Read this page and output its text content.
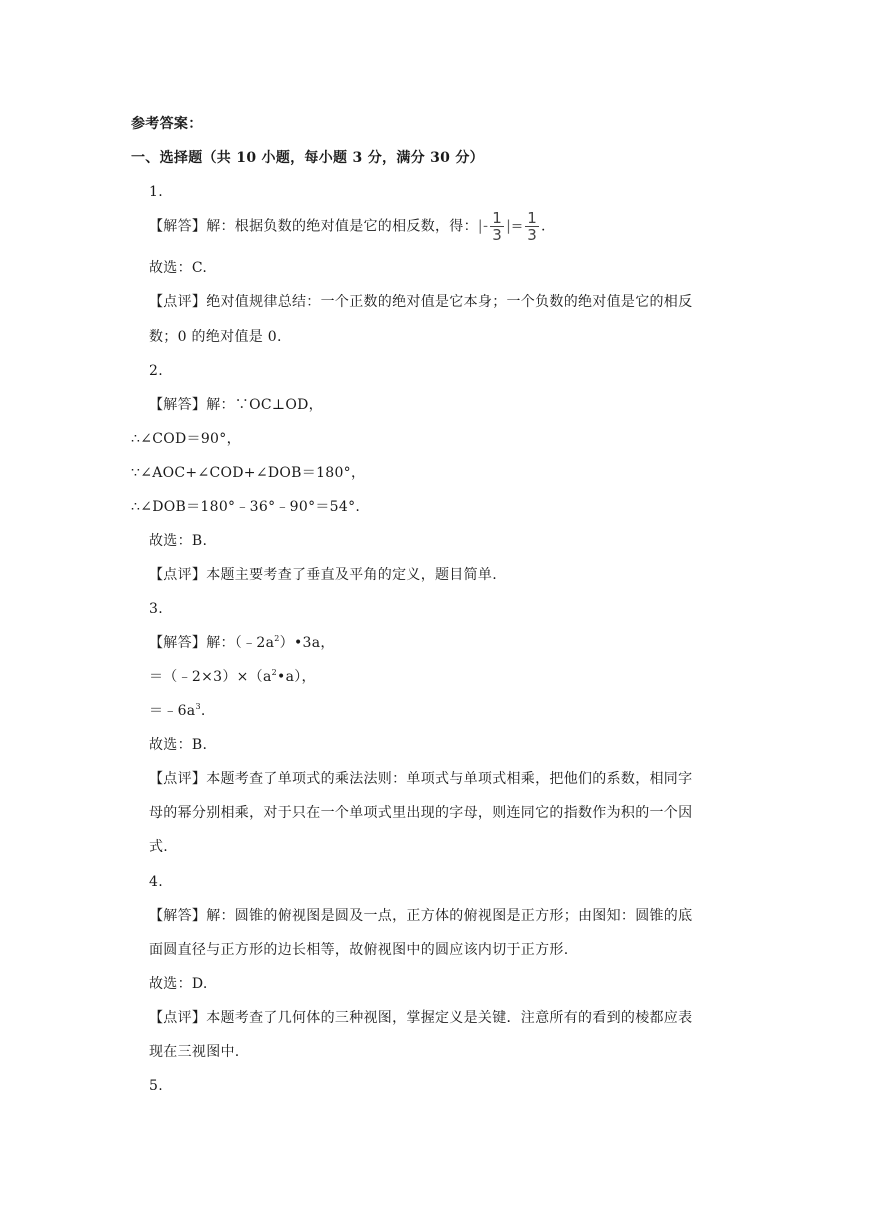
参考答案：
一、选择题（共 10 小题，每小题 3 分，满分 30 分）
1.
【解答】解：根据负数的绝对值是它的相反数，得：|- $\frac{1}{3}$ |= $\frac{1}{3}$ .
故选：C.
【点评】绝对值规律总结：一个正数的绝对值是它本身；一个负数的绝对值是它的相反
数；0 的绝对值是 0.
2.
【解答】解：∵OC⊥OD，
∴∠COD＝90°，
∵∠AOC+∠COD+∠DOB＝180°，
∴∠DOB＝180°﹣36°﹣90°＝54°.
故选：B.
【点评】本题主要考查了垂直及平角的定义，题目简单.
3.
【解答】解：$(﹣2a^2)•3a$，
$=(﹣2\times 3)\times(a^2•a)$，
$=﹣6a^3$.
故选：B.
【点评】本题考查了单项式的乘法法则：单项式与单项式相乘，把他们的系数，相同字
母的幂分别相乘，对于只在一个单项式里出现的字母，则连同它的指数作为积的一个因
式.
4.
【解答】解：圆锥的俯视图是圆及一点，正方体的俯视图是正方形；由图知：圆锥的底
面圆直径与正方形的边长相等，故俯视图中的圆应该内切于正方形.
故选：D.
【点评】本题考查了几何体的三种视图，掌握定义是关键．注意所有的看到的棱都应表
现在三视图中.
5.
